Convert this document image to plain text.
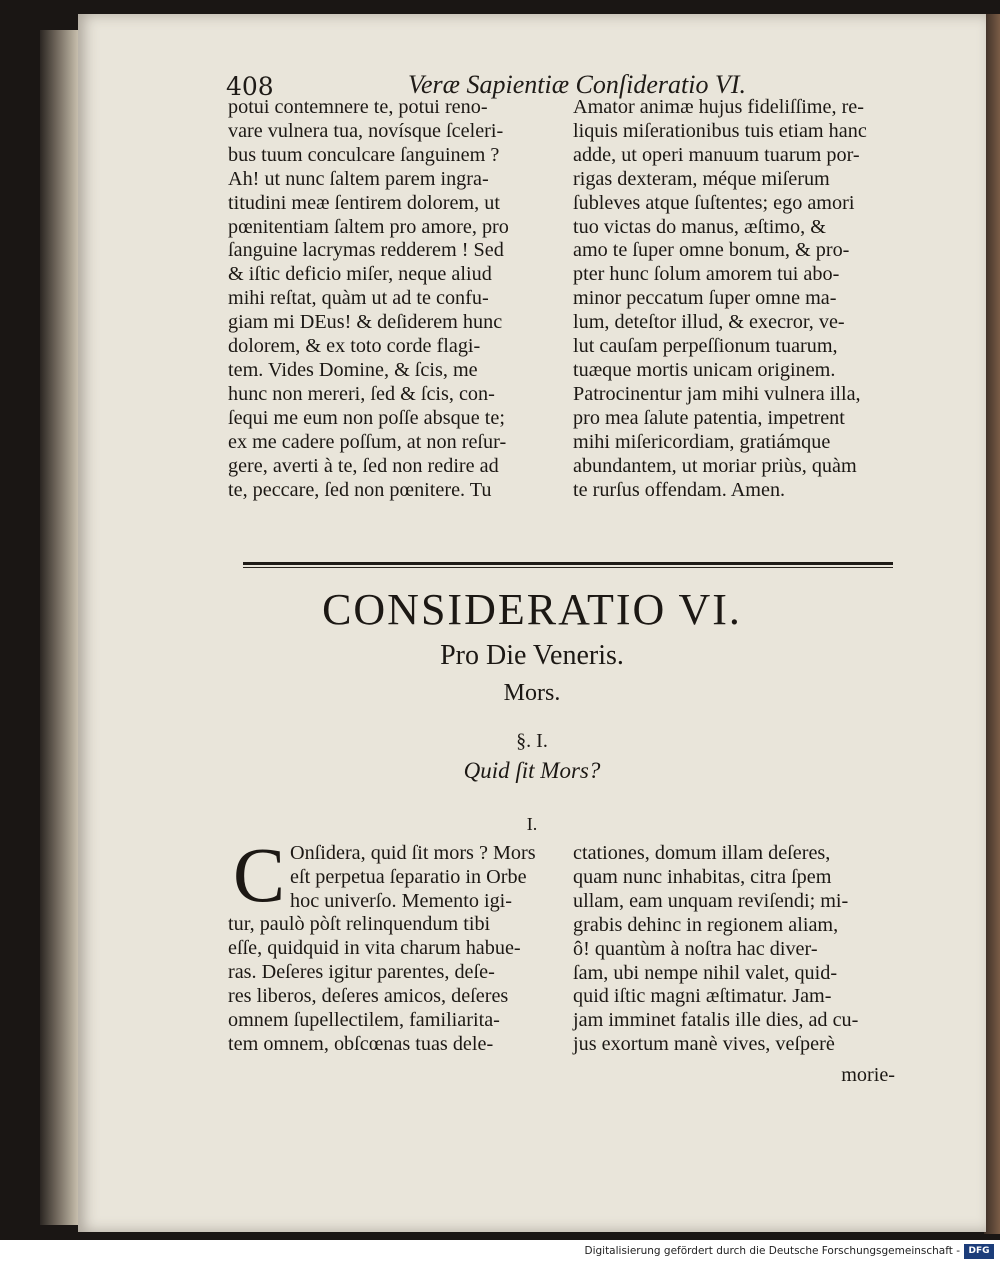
408	Veræ Sapientiæ Conſideratio VI.
potui contemnere te, potui reno-
vare vulnera tua, novísque ſceleri-
bus tuum conculcare ſanguinem ?
Ah! ut nunc ſaltem parem ingra-
titudini meæ ſentirem dolorem, ut
pœnitentiam ſaltem pro amore, pro
ſanguine lacrymas redderem ! Sed
& iſtic deficio miſer, neque aliud
mihi reſtat, quàm ut ad te confu-
giam mi DEus! & deſiderem hunc
dolorem, & ex toto corde flagi-
tem. Vides Domine, & ſcis, me
hunc non mereri, ſed & ſcis, con-
ſequi me eum non poſſe absque te;
ex me cadere poſſum, at non reſur-
gere, averti à te, ſed non redire ad
te, peccare, ſed non pœnitere. Tu
Amator animæ hujus fideliſſime, re-
liquis miſerationibus tuis etiam hanc
adde, ut operi manuum tuarum por-
rigas dexteram, méque miſerum
ſubleves atque ſuſtentes; ego amori
tuo victas do manus, æſtimo, &
amo te ſuper omne bonum, & pro-
pter hunc ſolum amorem tui abo-
minor peccatum ſuper omne ma-
lum, deteſtor illud, & execror, ve-
lut cauſam perpeſſionum tuarum,
tuæque mortis unicam originem.
Patrocinentur jam mihi vulnera illa,
pro mea ſalute patentia, impetrent
mihi miſericordiam, gratiámque
abundantem, ut moriar priùs, quàm
te rurſus offendam. Amen.
CONSIDERATIO VI.
Pro Die Veneris.
Mors.
§. I.
Quid ſit Mors?
I.
C Onſidera, quid ſit mors ? Mors
eſt perpetua ſeparatio in Orbe
hoc univerſo. Memento igi-
tur, paulò pòſt relinquendum tibi
eſſe, quidquid in vita charum habue-
ras. Deſeres igitur parentes, deſe-
res liberos, deſeres amicos, deſeres
omnem ſupellectilem, familiarita-
tem omnem, obſcœnas tuas dele-
ctationes, domum illam deſeres,
quam nunc inhabitas, citra ſpem
ullam, eam unquam reviſendi; mi-
grabis dehinc in regionem aliam,
ô! quantùm à noſtra hac diver-
ſam, ubi nempe nihil valet, quid-
quid iſtic magni æſtimatur. Jam-
jam imminet fatalis ille dies, ad cu-
jus exortum manè vives, veſperè
morie-
Digitalisierung gefördert durch die Deutsche Forschungsgemeinschaft - DFG
